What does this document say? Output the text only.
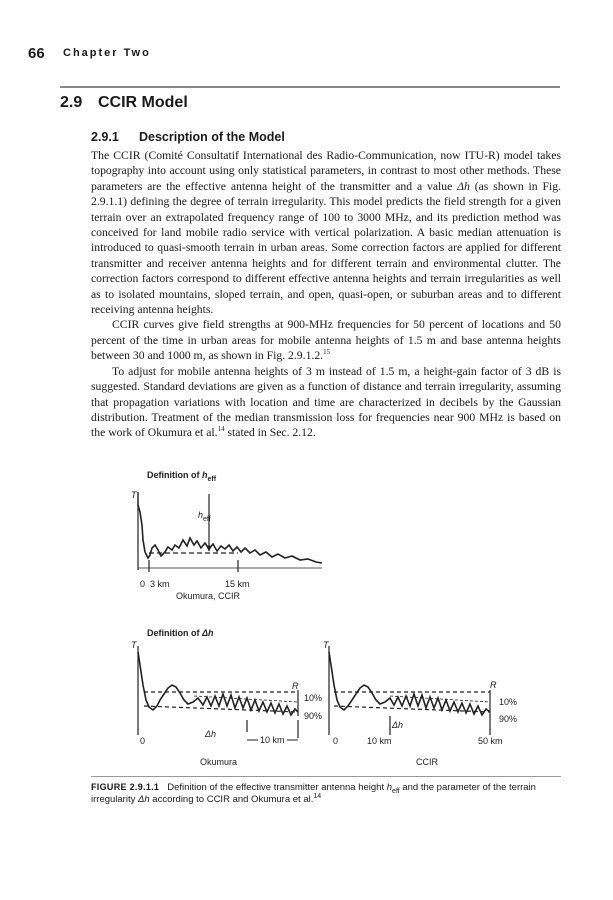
66 Chapter Two
2.9 CCIR Model
2.9.1 Description of the Model

The CCIR (Comité Consultatif International des Radio-Communication, now ITU-R) model takes topography into account using only statistical parameters, in contrast to most other methods. These parameters are the effective antenna height of the transmitter and a value Δh (as shown in Fig. 2.9.1.1) defining the degree of terrain irregularity. This model predicts the field strength for a given terrain over an extrapolated frequency range of 100 to 3000 MHz, and its prediction method was conceived for land mobile radio service with vertical polarization. A basic median attenuation is introduced to quasi-smooth terrain in urban areas. Some correction factors are applied for different transmitter and receiver antenna heights and for different terrain and environmental clutter. The correction factors correspond to different effective antenna heights and terrain irregularities as well as to isolated mountains, sloped terrain, and open, quasi-open, or suburban areas and to different receiving antenna heights.

CCIR curves give field strengths at 900-MHz frequencies for 50 percent of locations and 50 percent of the time in urban areas for mobile antenna heights of 1.5 m and base antenna heights between 30 and 1000 m, as shown in Fig. 2.9.1.2.15

To adjust for mobile antenna heights of 3 m instead of 1.5 m, a height-gain factor of 3 dB is suggested. Standard deviations are given as a function of distance and terrain irregularity, assuming that propagation variations with location and time are characterized in decibels by the Gaussian distribution. Treatment of the median transmission loss for frequencies near 900 MHz is based on the work of Okumura et al.$^{14}$ stated in Sec. 2.12.

Definition of $h_{eff}$
T
$h_{eff}$
0 3 km	15 km
Okumura, CCIR
Definition of Δh
T
R
10%
90%
Δh
0	10 km
Okumura
T
R
10%
90%
Δh
0	10 km	50 km
CCIR
FIGURE 2.9.1.1 Definition of the effective transmitter antenna height $h_{eff}$ and the parameter of the terrain irregularity Δh according to CCIR and Okumura et al.$^{14}$
